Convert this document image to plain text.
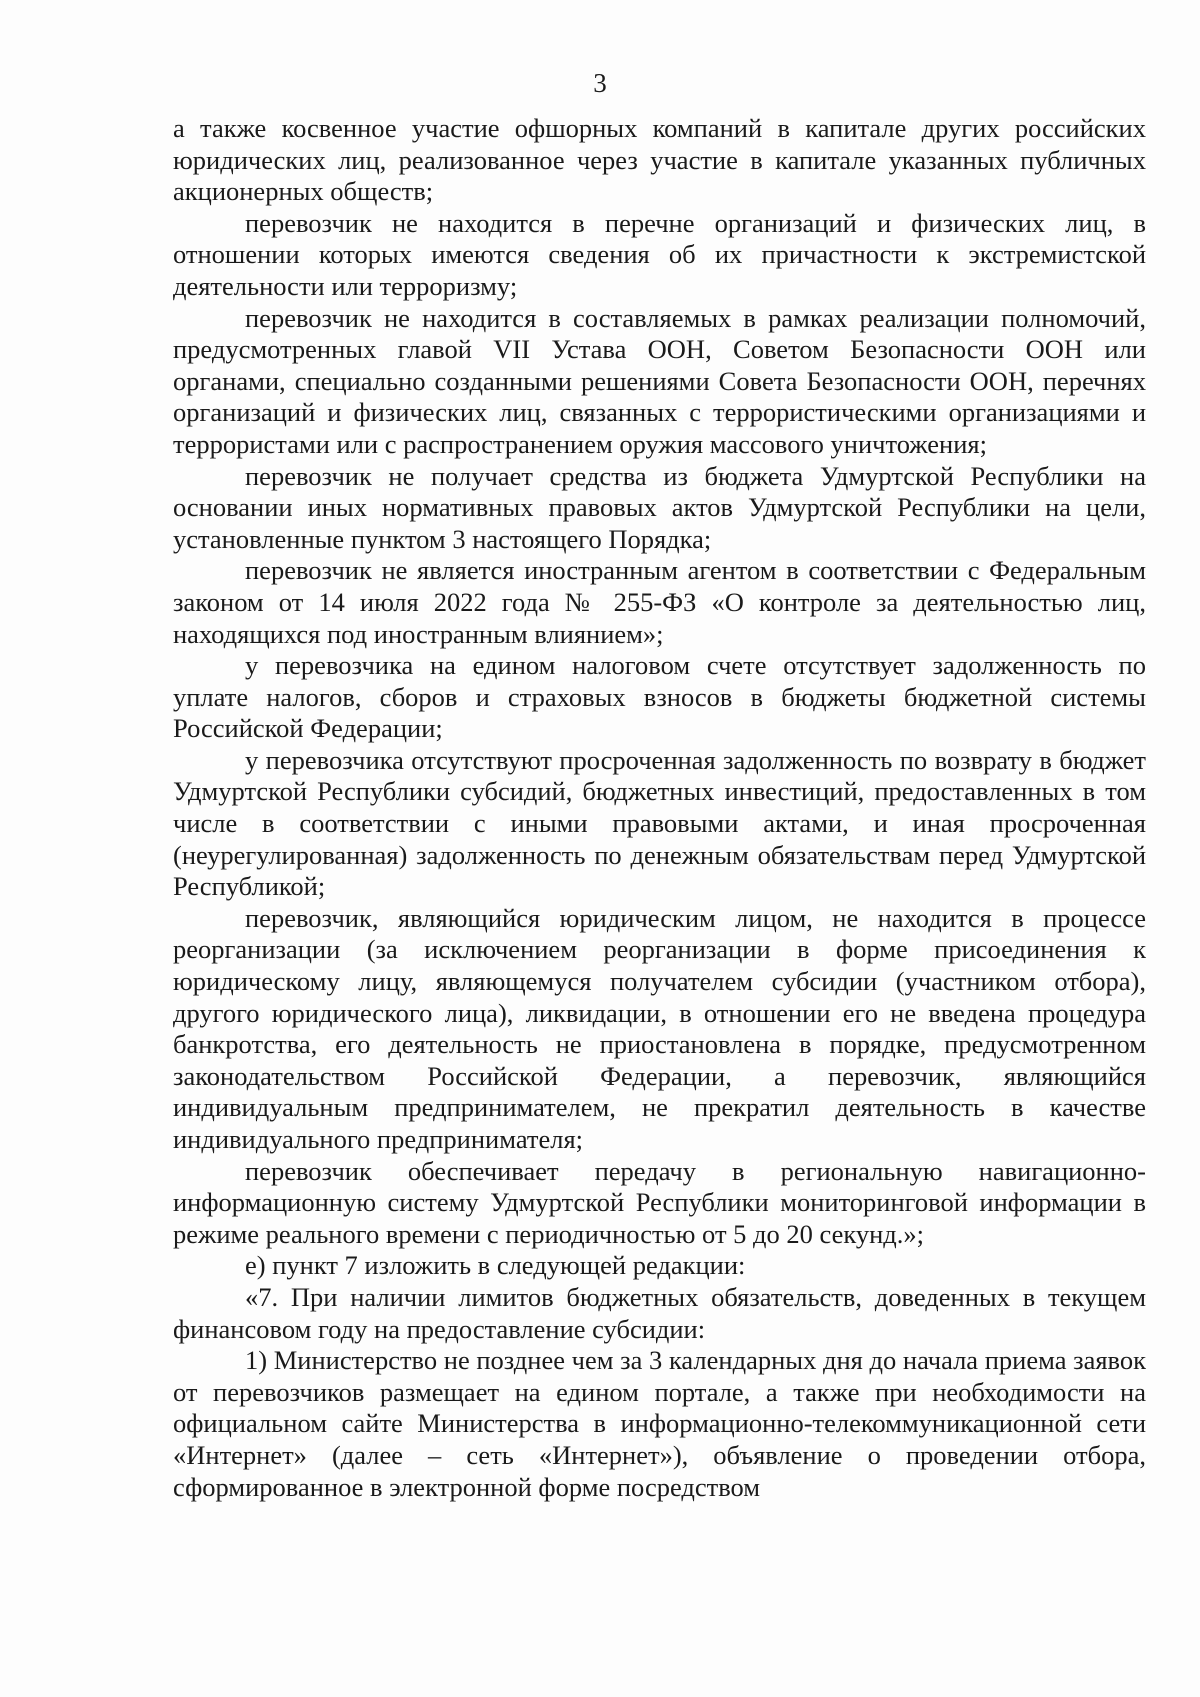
3

а также косвенное участие офшорных компаний в капитале других российских юридических лиц, реализованное через участие в капитале указанных публичных акционерных обществ;

перевозчик не находится в перечне организаций и физических лиц, в отношении которых имеются сведения об их причастности к экстремистской деятельности или терроризму;

перевозчик не находится в составляемых в рамках реализации полномочий, предусмотренных главой VII Устава ООН, Советом Безопасности ООН или органами, специально созданными решениями Совета Безопасности ООН, перечнях организаций и физических лиц, связанных с террористическими организациями и террористами или с распространением оружия массового уничтожения;

перевозчик не получает средства из бюджета Удмуртской Республики на основании иных нормативных правовых актов Удмуртской Республики на цели, установленные пунктом 3 настоящего Порядка;

перевозчик не является иностранным агентом в соответствии с Федеральным законом от 14 июля 2022 года № 255-ФЗ «О контроле за деятельностью лиц, находящихся под иностранным влиянием»;

у перевозчика на едином налоговом счете отсутствует задолженность по уплате налогов, сборов и страховых взносов в бюджеты бюджетной системы Российской Федерации;

у перевозчика отсутствуют просроченная задолженность по возврату в бюджет Удмуртской Республики субсидий, бюджетных инвестиций, предоставленных в том числе в соответствии с иными правовыми актами, и иная просроченная (неурегулированная) задолженность по денежным обязательствам перед Удмуртской Республикой;

перевозчик, являющийся юридическим лицом, не находится в процессе реорганизации (за исключением реорганизации в форме присоединения к юридическому лицу, являющемуся получателем субсидии (участником отбора), другого юридического лица), ликвидации, в отношении его не введена процедура банкротства, его деятельность не приостановлена в порядке, предусмотренном законодательством Российской Федерации, а перевозчик, являющийся индивидуальным предпринимателем, не прекратил деятельность в качестве индивидуального предпринимателя;

перевозчик обеспечивает передачу в региональную навигационно-информационную систему Удмуртской Республики мониторинговой информации в режиме реального времени с периодичностью от 5 до 20 секунд.»;

е) пункт 7 изложить в следующей редакции:

«7. При наличии лимитов бюджетных обязательств, доведенных в текущем финансовом году на предоставление субсидии:

1) Министерство не позднее чем за 3 календарных дня до начала приема заявок от перевозчиков размещает на едином портале, а также при необходимости на официальном сайте Министерства в информационно-телекоммуникационной сети «Интернет» (далее – сеть «Интернет»), объявление о проведении отбора, сформированное в электронной форме посредством
